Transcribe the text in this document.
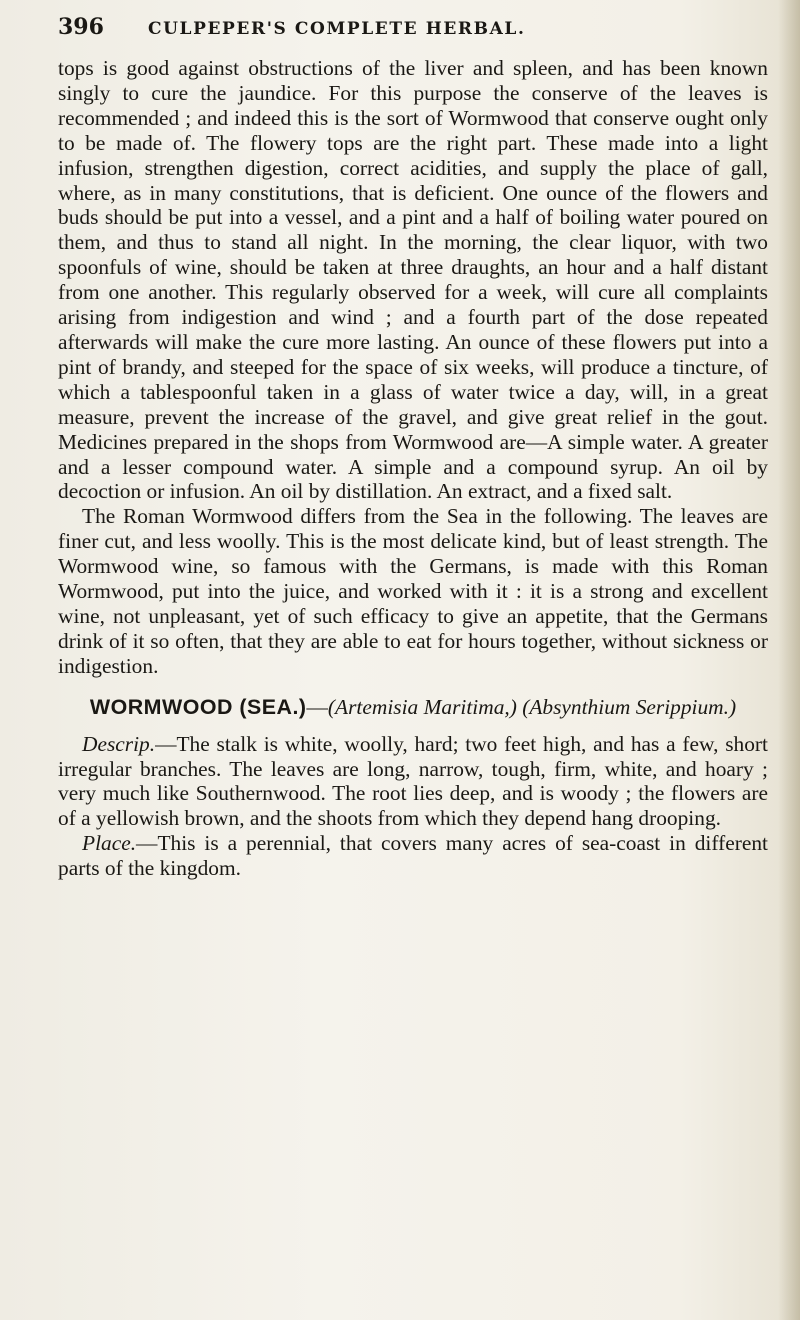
396	CULPEPER'S COMPLETE HERBAL.

tops is good against obstructions of the liver and spleen, and has been known singly to cure the jaundice. For this purpose the conserve of the leaves is recommended ; and indeed this is the sort of Wormwood that conserve ought only to be made of. The flowery tops are the right part. These made into a light infusion, strengthen digestion, correct acidities, and supply the place of gall, where, as in many constitutions, that is deficient. One ounce of the flowers and buds should be put into a vessel, and a pint and a half of boiling water poured on them, and thus to stand all night. In the morning, the clear liquor, with two spoonfuls of wine, should be taken at three draughts, an hour and a half distant from one another. This regularly observed for a week, will cure all complaints arising from indigestion and wind ; and a fourth part of the dose repeated afterwards will make the cure more lasting. An ounce of these flowers put into a pint of brandy, and steeped for the space of six weeks, will produce a tincture, of which a tablespoonful taken in a glass of water twice a day, will, in a great measure, prevent the increase of the gravel, and give great relief in the gout. Medicines prepared in the shops from Wormwood are—A simple water. A greater and a lesser compound water. A simple and a compound syrup. An oil by decoction or infusion. An oil by distillation. An extract, and a fixed salt.

The Roman Wormwood differs from the Sea in the following. The leaves are finer cut, and less woolly. This is the most delicate kind, but of least strength. The Wormwood wine, so famous with the Germans, is made with this Roman Wormwood, put into the juice, and worked with it : it is a strong and excellent wine, not unpleasant, yet of such efficacy to give an appetite, that the Germans drink of it so often, that they are able to eat for hours together, without sickness or indigestion.

WORMWOOD (SEA.)—(Artemisia Maritima,) (Absynthium Serippium.)

Descrip.—The stalk is white, woolly, hard; two feet high, and has a few, short irregular branches. The leaves are long, narrow, tough, firm, white, and hoary ; very much like Southernwood. The root lies deep, and is woody ; the flowers are of a yellowish brown, and the shoots from which they depend hang drooping.

Place.—This is a perennial, that covers many acres of sea-coast in different parts of the kingdom.
